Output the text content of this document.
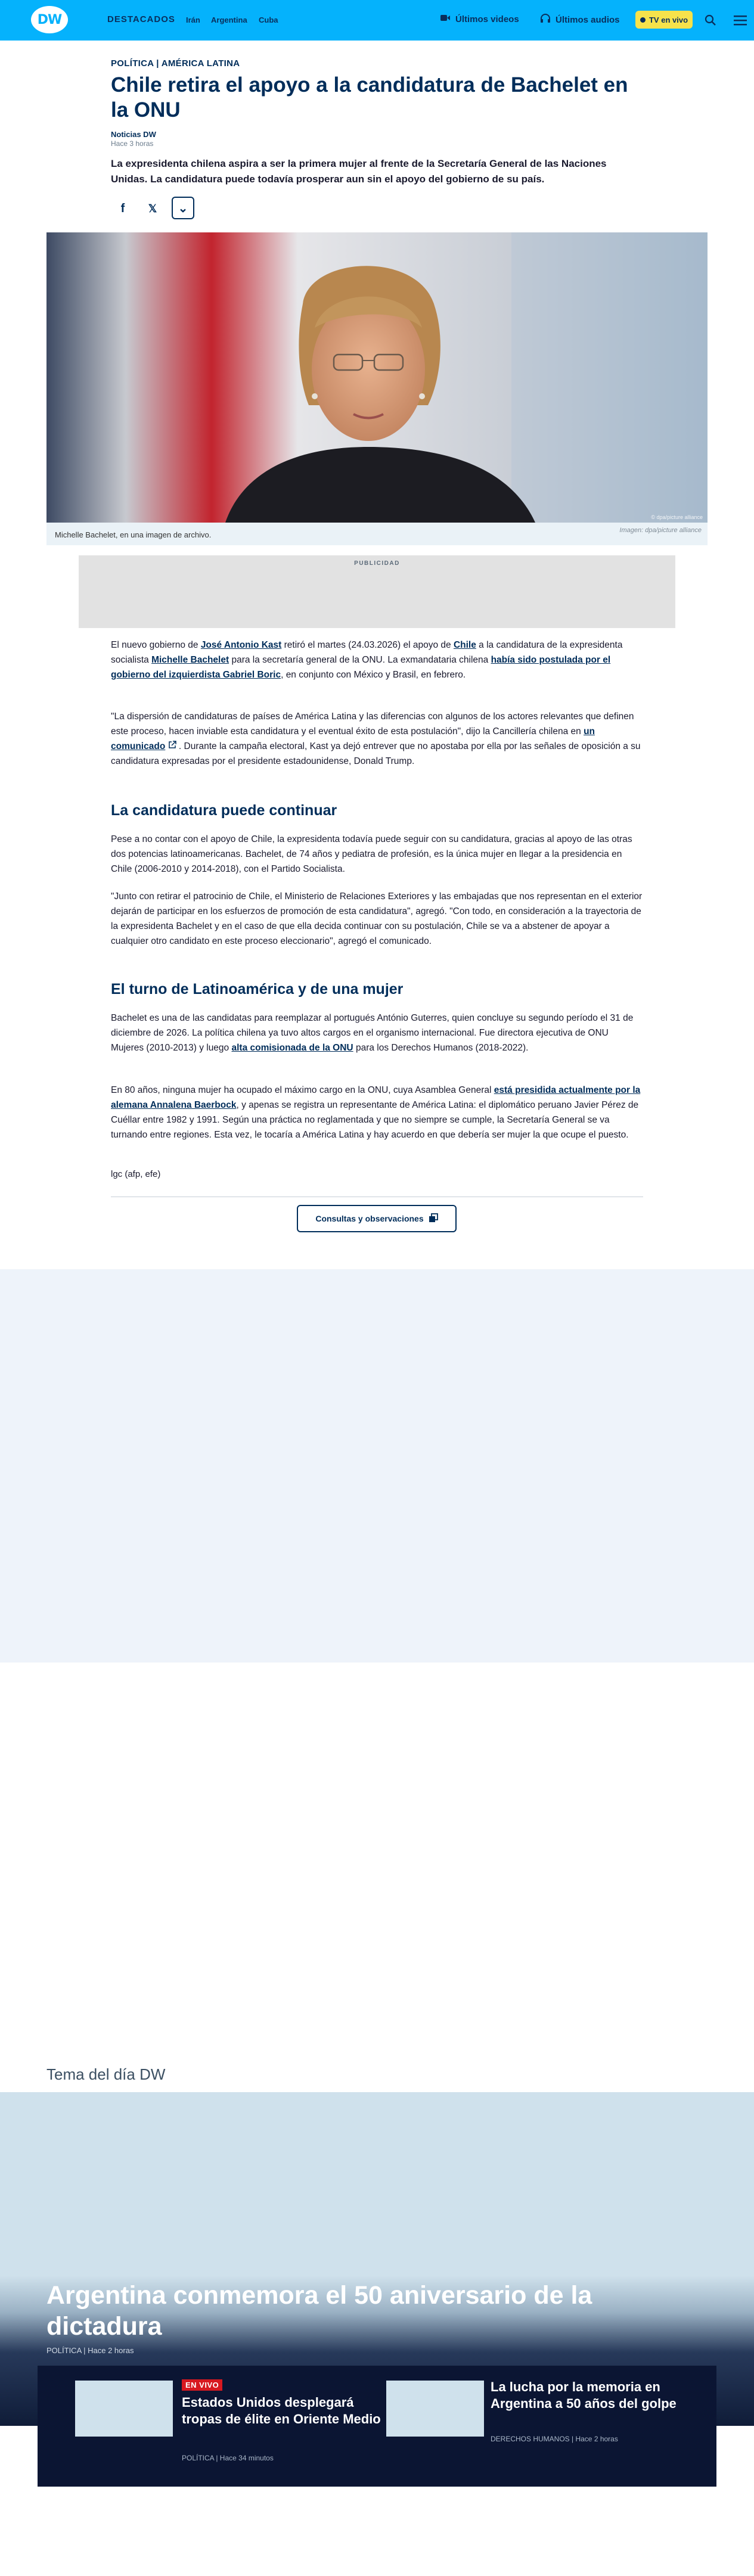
DW	DESTACADOS Irán Argentina Cuba	Últimos videos	Últimos audios	TV en vivo
POLÍTICA | AMÉRICA LATINA
Chile retira el apoyo a la candidatura de Bachelet en la ONU
Noticias DW
Hace 3 horas

La expresidenta chilena aspira a ser la primera mujer al frente de la Secretaría General de las Naciones Unidas. La candidatura puede todavía prosperar aun sin el apoyo del gobierno de su país.

f 𝕏 ⌄
© dpa/picture alliance
Michelle Bachelet, en una imagen de archivo.	Imagen: dpa/picture alliance
PUBLICIDAD

El nuevo gobierno de José Antonio Kast retiró el martes (24.03.2026) el apoyo de Chile a la candidatura de la expresidenta socialista Michelle Bachelet para la secretaría general de la ONU. La exmandataria chilena había sido postulada por el gobierno del izquierdista Gabriel Boric, en conjunto con México y Brasil, en febrero.

"La dispersión de candidaturas de países de América Latina y las diferencias con algunos de los actores relevantes que definen este proceso, hacen inviable esta candidatura y el eventual éxito de esta postulación", dijo la Cancillería chilena en un comunicado  . Durante la campaña electoral, Kast ya dejó entrever que no apostaba por ella por las señales de oposición a su candidatura expresadas por el presidente estadounidense, Donald Trump.

La candidatura puede continuar

Pese a no contar con el apoyo de Chile, la expresidenta todavía puede seguir con su candidatura, gracias al apoyo de las otras dos potencias latinoamericanas. Bachelet, de 74 años y pediatra de profesión, es la única mujer en llegar a la presidencia en Chile (2006-2010 y 2014-2018), con el Partido Socialista.

"Junto con retirar el patrocinio de Chile, el Ministerio de Relaciones Exteriores y las embajadas que nos representan en el exterior dejarán de participar en los esfuerzos de promoción de esta candidatura", agregó. "Con todo, en consideración a la trayectoria de la expresidenta Bachelet y en el caso de que ella decida continuar con su postulación, Chile se va a abstener de apoyar a cualquier otro candidato en este proceso eleccionario", agregó el comunicado.

El turno de Latinoamérica y de una mujer

Bachelet es una de las candidatas para reemplazar al portugués António Guterres, quien concluye su segundo período el 31 de diciembre de 2026. La política chilena ya tuvo altos cargos en el organismo internacional. Fue directora ejecutiva de ONU Mujeres (2010-2013) y luego alta comisionada de la ONU para los Derechos Humanos (2018-2022).

En 80 años, ninguna mujer ha ocupado el máximo cargo en la ONU, cuya Asamblea General está presidida actualmente por la alemana Annalena Baerbock, y apenas se registra un representante de América Latina: el diplomático peruano Javier Pérez de Cuéllar entre 1982 y 1991. Según una práctica no reglamentada y que no siempre se cumple, la Secretaría General se va turnando entre regiones. Esta vez, le tocaría a América Latina y hay acuerdo en que debería ser mujer la que ocupe el puesto.

lgc (afp, efe)

Consultas y observaciones
Tema del día DW
Argentina conmemora el 50 aniversario de la dictadura
POLÍTICA | Hace 2 horas
EN VIVO
Estados Unidos desplegará tropas de élite en Oriente Medio
POLÍTICA | Hace 34 minutos
La lucha por la memoria en Argentina a 50 años del golpe
DERECHOS HUMANOS | Hace 2 horas
